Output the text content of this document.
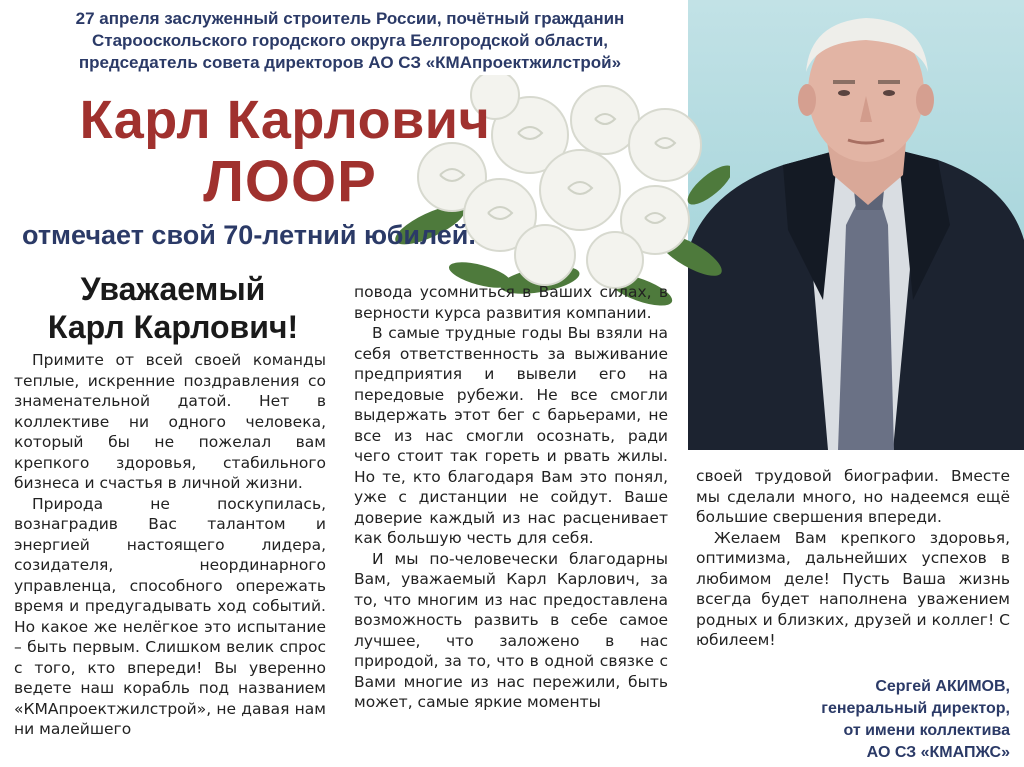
27 апреля заслуженный строитель России, почётный гражданин
Старооскольского городского округа Белгородской области,
председатель совета директоров АО СЗ «КМАпроектжилстрой»
Карл Карлович
ЛООР
отмечает свой 70-летний юбилей.
Уважаемый
Карл Карлович!

Примите от всей своей команды теплые, искренние поздравления со знаменательной датой. Нет в коллективе ни одного человека, который бы не пожелал вам крепкого здоровья, стабильного бизнеса и счастья в личной жизни.

Природа не поскупилась, вознаградив Вас талантом и энергией настоящего лидера, созидателя, неординарного управленца, способного опережать время и предугадывать ход событий. Но какое же нелёгкое это испытание – быть первым. Слишком велик спрос с того, кто впереди! Вы уверенно ведете наш корабль под названием «КМАпроектжилстрой», не давая нам ни малейшего

повода усомниться в Ваших силах, в верности курса развития компании.

В самые трудные годы Вы взяли на себя ответственность за выживание предприятия и вывели его на передовые рубежи. Не все смогли выдержать этот бег с барьерами, не все из нас смогли осознать, ради чего стоит так гореть и рвать жилы. Но те, кто благодаря Вам это понял, уже с дистанции не сойдут. Ваше доверие каждый из нас расценивает как большую честь для себя.

И мы по-человечески благодарны Вам, уважаемый Карл Карлович, за то, что многим из нас предоставлена возможность развить в себе самое лучшее, что заложено в нас природой, за то, что в одной связке с Вами многие из нас пережили, быть может, самые яркие моменты

своей трудовой биографии. Вместе мы сделали много, но надеемся ещё большие свершения впереди.

Желаем Вам крепкого здоровья, оптимизма, дальнейших успехов в любимом деле! Пусть Ваша жизнь всегда будет наполнена уважением родных и близких, друзей и коллег! С юбилеем!

Сергей АКИМОВ,
генеральный директор,
от имени коллектива
АО СЗ «КМАПЖС»
